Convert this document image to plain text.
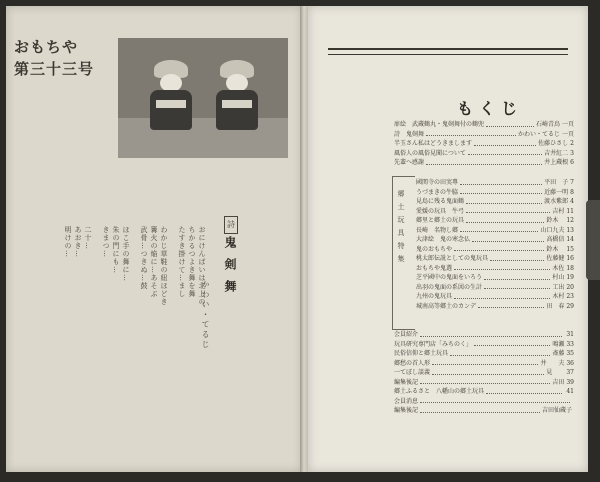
おもちや
第三十三号
詩
鬼剣舞
かわい・てるじ
おにけんばいは北上の
ちかるつよき舞を舞
たすき掛けて…まし
わかじ草鞋の紐ほどき
篝火の焔に…あそぶ
武骨…つきぬ…鼓
ほこ手の舞に…
朱の門にも…
きまつ…
二十…
あおき…
明けの…
もくじ
扉絵　武蔵鶴丸・鬼剣舞付の鶴兜	石崎青鳥 一頁
詩　鬼剣舞	かわい・てるじ 一頁
半玉さん私はどうきまします	佐藤ひさし 2
風俗人の風俗見聞について	吉井紅二 3
先輩へ感謝	井上蔵根 6
郷土玩具特集
國関寺の田実專	平田　子 7
うづまきの牛脇	近藤一明 8
見島に残る鬼面鶴	渡水紫郎 4
愛媛の玩具　牛弓	吉村 11
郷里と郷土の玩具	鈴木　 12
長崎　名物し郷	山口九夫 13
大津絵　鬼の寒念仏	高橋信 14
鬼のおもちや	鈴木　 15
桃太郎伝説としての鬼玩具	佐藤健 16
おもちや鬼選	木佐 18
芝平國中の鬼面をいろう	村山 19
出羽の鬼面の系図の生計	工出 20
九州の鬼玩具	木村 23
城南高等郷土のカンデ	田　春 29
会員紹介	31
玩具研究専門店「みちのく」	鳴瀬 33
民俗信仰と郷土玩具	斎藤 35
郷愁の首人形	井　　夫 36
一てぼし談義	見　　 37
編集後記	吉田 39
郷土ふるさと　八幡山の郷土玩具	41
会員消息
編集後記	吉田仙蔵子
